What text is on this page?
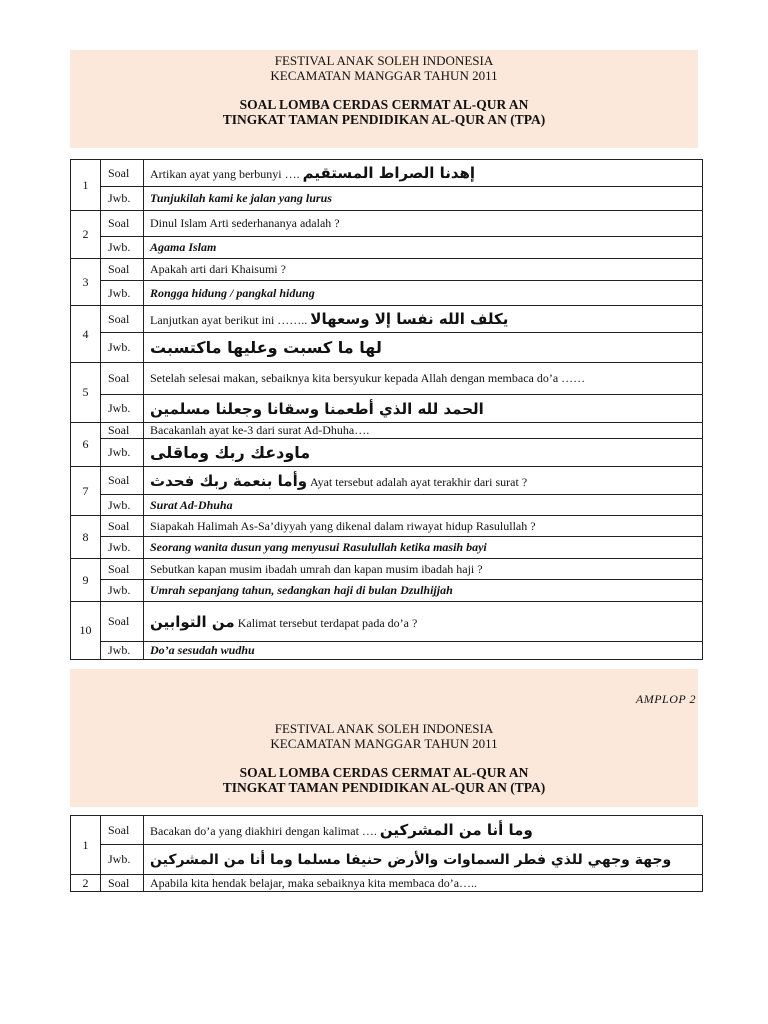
FESTIVAL ANAK SOLEH INDONESIA
KECAMATAN MANGGAR TAHUN 2011
SOAL LOMBA CERDAS CERMAT AL-QUR AN
TINGKAT TAMAN PENDIDIKAN AL-QUR AN (TPA)
1	Soal	Artikan ayat yang berbunyi …. إهدنا الصراط المستقيم
	Jwb.	Tunjukilah kami ke jalan yang lurus
2	Soal	Dinul Islam Arti sederhananya adalah ?
	Jwb.	Agama Islam
3	Soal	Apakah arti dari Khaisumi ?
	Jwb.	Rongga hidung / pangkal hidung
4	Soal	Lanjutkan ayat berikut ini …….. يكلف الله نفسا إلا وسعهالا
	Jwb.	لها ما كسبت وعليها ماكتسبت
5	Soal	Setelah selesai makan, sebaiknya kita bersyukur kepada Allah dengan membaca do’a ……
	Jwb.	الحمد لله الذي أطعمنا وسقانا وجعلنا مسلمين
6	Soal	Bacakanlah ayat ke-3 dari surat Ad-Dhuha….
	Jwb.	ماودعك ربك وماقلى
7	Soal	وأما بنعمة ربك فحدث Ayat tersebut adalah ayat terakhir dari surat ?
	Jwb.	Surat Ad-Dhuha
8	Soal	Siapakah Halimah As-Sa’diyyah yang dikenal dalam riwayat hidup Rasulullah ?
	Jwb.	Seorang wanita dusun yang menyusui Rasulullah ketika masih bayi
9	Soal	Sebutkan kapan musim ibadah umrah dan kapan musim ibadah haji ?
	Jwb.	Umrah sepanjang tahun, sedangkan haji di bulan Dzulhijjah
10	Soal	من التوابين Kalimat tersebut terdapat pada do’a ?
	Jwb.	Do’a sesudah wudhu
FESTIVAL ANAK SOLEH INDONESIA
KECAMATAN MANGGAR TAHUN 2011
SOAL LOMBA CERDAS CERMAT AL-QUR AN
TINGKAT TAMAN PENDIDIKAN AL-QUR AN (TPA)
AMPLOP 2
1	Soal	Bacakan do’a yang diakhiri dengan kalimat …. وما أنا من المشركين
	Jwb.	وجهة وجهي للذي فطر السماوات والأرض حنيفا مسلما وما أنا من المشركين
2	Soal	Apabila kita hendak belajar, maka sebaiknya kita membaca do’a…..
